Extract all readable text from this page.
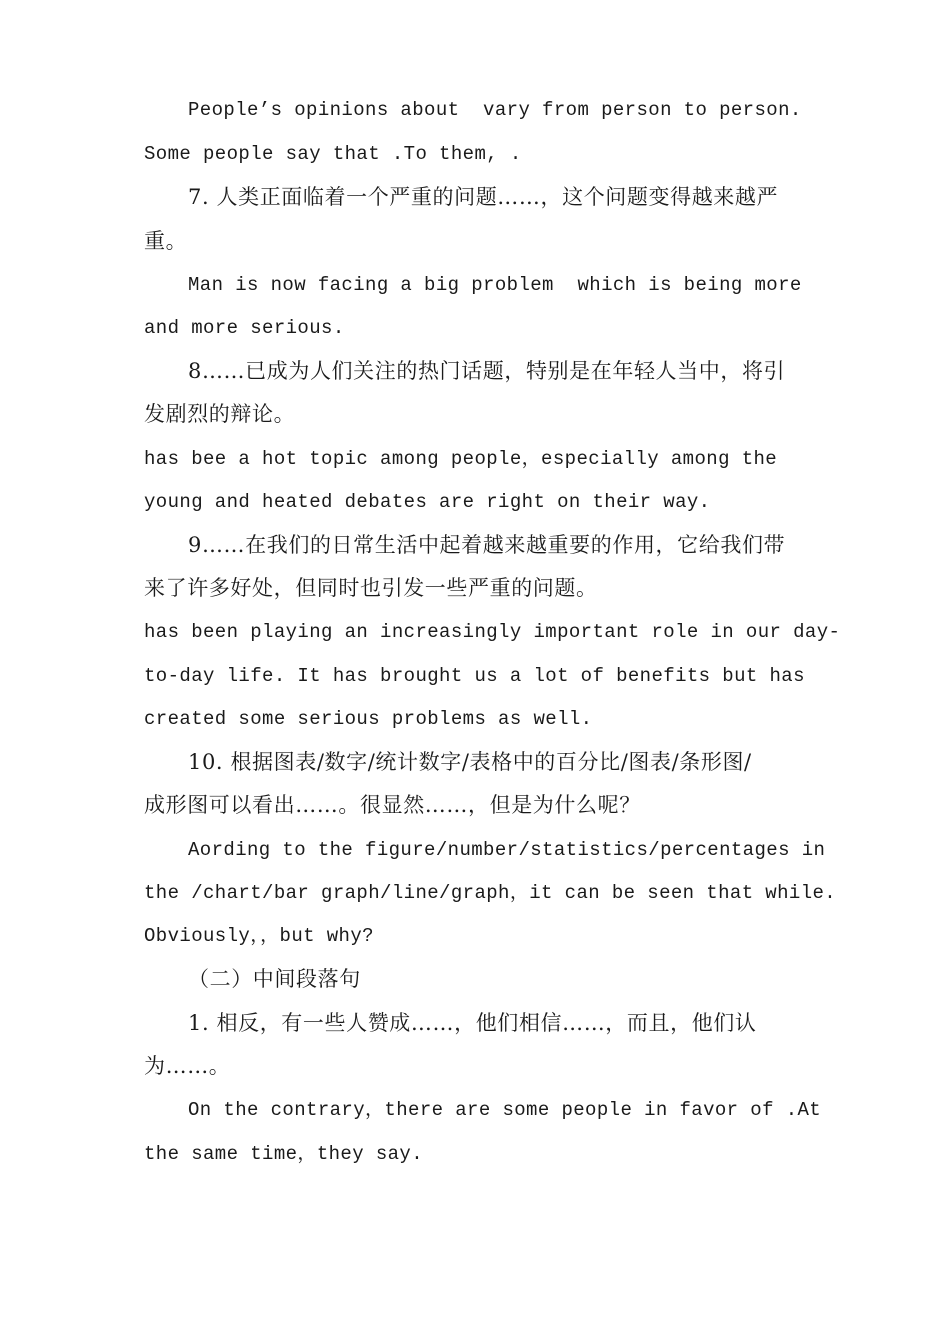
People’s opinions about  vary from person to person.

Some people say that .To them, .

7. 人类正面临着一个严重的问题……，这个问题变得越来越严

重。

Man is now facing a big problem  which is being more

and more serious.

8……已成为人们关注的热门话题，特别是在年轻人当中，将引

发剧烈的辩论。

has bee a hot topic among people，especially among the

young and heated debates are right on their way.

9……在我们的日常生活中起着越来越重要的作用，它给我们带

来了许多好处，但同时也引发一些严重的问题。

has been playing an increasingly important role in our day-

to-day life. It has brought us a lot of benefits but has

created some serious problems as well.

10. 根据图表/数字/统计数字/表格中的百分比/图表/条形图/

成形图可以看出……。很显然……，但是为什么呢？

Aording to the figure/number/statistics/percentages in

the /chart/bar graph/line/graph，it can be seen that while.

Obviously，，but why?

（二）中间段落句

1. 相反，有一些人赞成……，他们相信……，而且，他们认

为……。

On the contrary，there are some people in favor of .At

the same time，they say.
